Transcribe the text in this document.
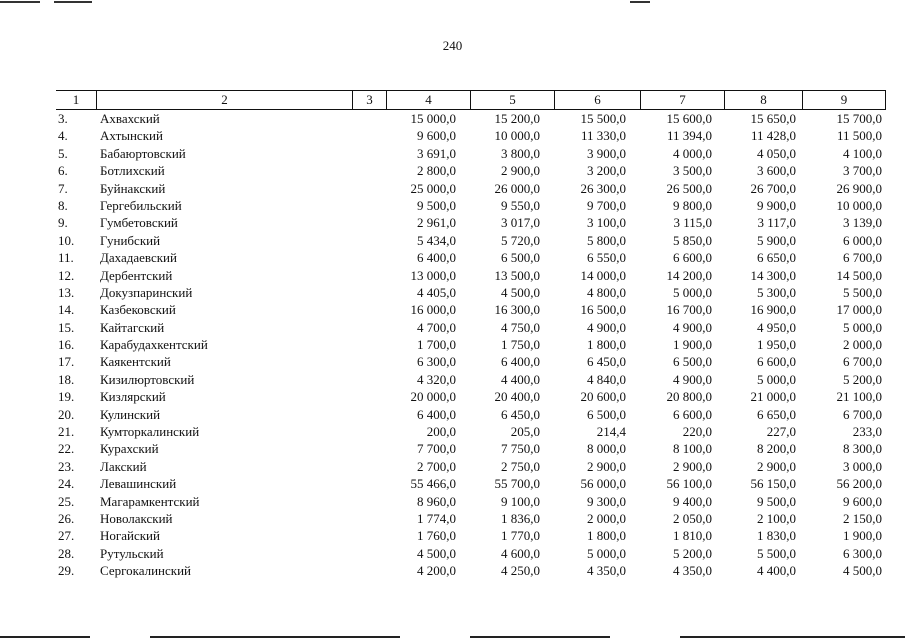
240
1	2	3	4	5	6	7	8	9
3.	Ахвахский	15 000,0	15 200,0	15 500,0	15 600,0	15 650,0	15 700,0
4.	Ахтынский	9 600,0	10 000,0	11 330,0	11 394,0	11 428,0	11 500,0
5.	Бабаюртовский	3 691,0	3 800,0	3 900,0	4 000,0	4 050,0	4 100,0
6.	Ботлихский	2 800,0	2 900,0	3 200,0	3 500,0	3 600,0	3 700,0
7.	Буйнакский	25 000,0	26 000,0	26 300,0	26 500,0	26 700,0	26 900,0
8.	Гергебильский	9 500,0	9 550,0	9 700,0	9 800,0	9 900,0	10 000,0
9.	Гумбетовский	2 961,0	3 017,0	3 100,0	3 115,0	3 117,0	3 139,0
10.	Гунибский	5 434,0	5 720,0	5 800,0	5 850,0	5 900,0	6 000,0
11.	Дахадаевский	6 400,0	6 500,0	6 550,0	6 600,0	6 650,0	6 700,0
12.	Дербентский	13 000,0	13 500,0	14 000,0	14 200,0	14 300,0	14 500,0
13.	Докузпаринский	4 405,0	4 500,0	4 800,0	5 000,0	5 300,0	5 500,0
14.	Казбековский	16 000,0	16 300,0	16 500,0	16 700,0	16 900,0	17 000,0
15.	Кайтагский	4 700,0	4 750,0	4 900,0	4 900,0	4 950,0	5 000,0
16.	Карабудахкентский	1 700,0	1 750,0	1 800,0	1 900,0	1 950,0	2 000,0
17.	Каякентский	6 300,0	6 400,0	6 450,0	6 500,0	6 600,0	6 700,0
18.	Кизилюртовский	4 320,0	4 400,0	4 840,0	4 900,0	5 000,0	5 200,0
19.	Кизлярский	20 000,0	20 400,0	20 600,0	20 800,0	21 000,0	21 100,0
20.	Кулинский	6 400,0	6 450,0	6 500,0	6 600,0	6 650,0	6 700,0
21.	Кумторкалинский	200,0	205,0	214,4	220,0	227,0	233,0
22.	Курахский	7 700,0	7 750,0	8 000,0	8 100,0	8 200,0	8 300,0
23.	Лакский	2 700,0	2 750,0	2 900,0	2 900,0	2 900,0	3 000,0
24.	Левашинский	55 466,0	55 700,0	56 000,0	56 100,0	56 150,0	56 200,0
25.	Магарамкентский	8 960,0	9 100,0	9 300,0	9 400,0	9 500,0	9 600,0
26.	Новолакский	1 774,0	1 836,0	2 000,0	2 050,0	2 100,0	2 150,0
27.	Ногайский	1 760,0	1 770,0	1 800,0	1 810,0	1 830,0	1 900,0
28.	Рутульский	4 500,0	4 600,0	5 000,0	5 200,0	5 500,0	6 300,0
29.	Сергокалинский	4 200,0	4 250,0	4 350,0	4 350,0	4 400,0	4 500,0
